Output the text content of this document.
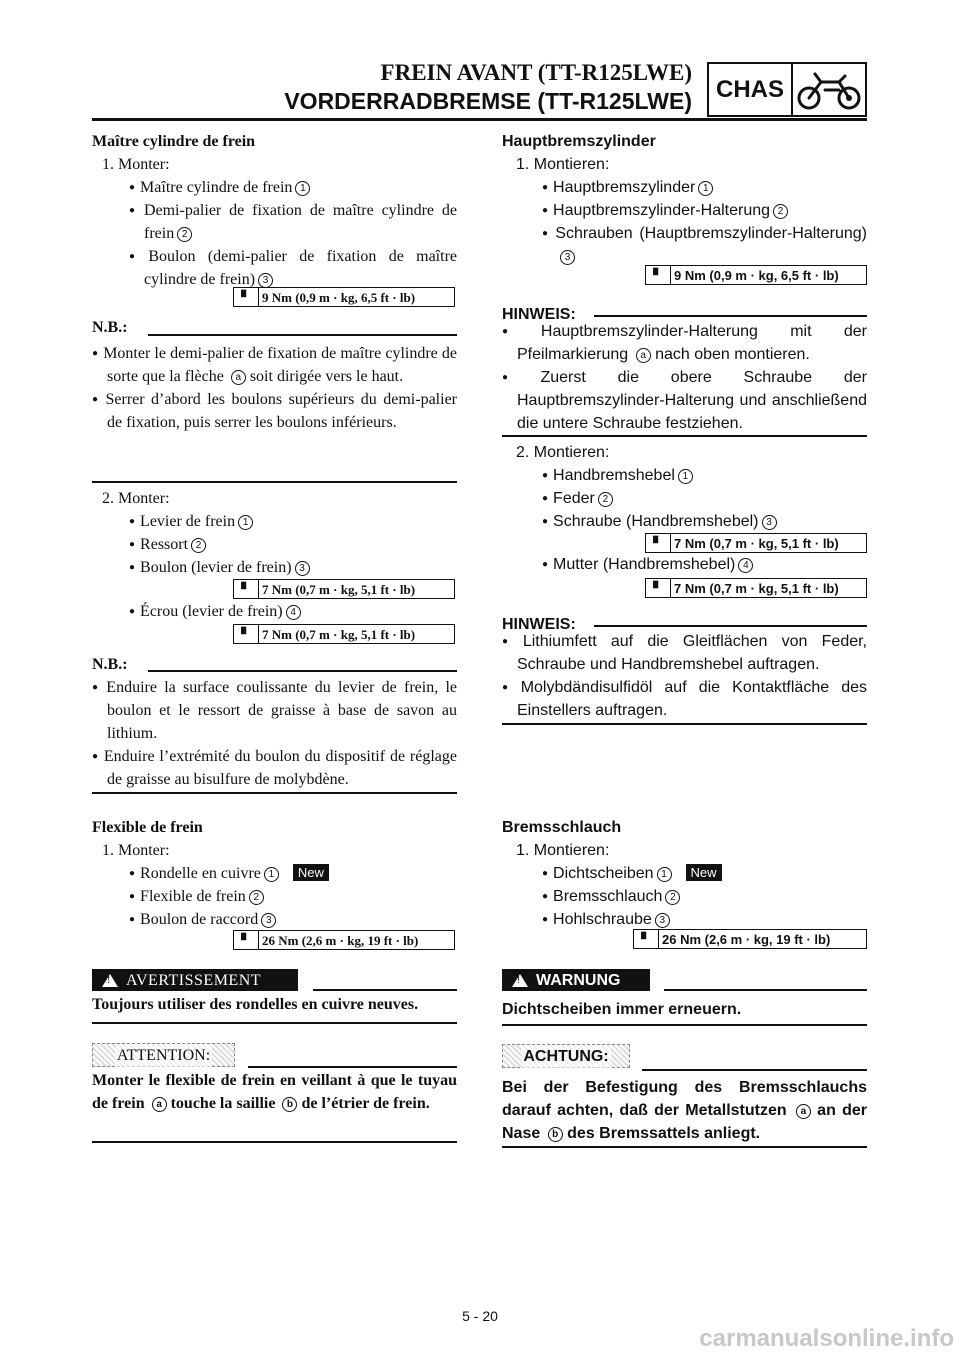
FREIN AVANT (TT-R125LWE)
VORDERRADBREMSE (TT-R125LWE) CHAS
Maître cylindre de frein
1. Monter:
● Maître cylindre de frein 1
● Demi-palier de fixation de maître cylindre de frein 2
● Boulon (demi-palier de fixation de maître cylindre de frein) 3
▘ 9 Nm (0,9 m · kg, 6,5 ft · lb)
N.B.:
● Monter le demi-palier de fixation de maître cylindre de sorte que la flèche a soit dirigée vers le haut.
● Serrer d’abord les boulons supérieurs du demi-palier de fixation, puis serrer les boulons inférieurs.
2. Monter:
● Levier de frein 1
● Ressort 2
● Boulon (levier de frein) 3
▘ 7 Nm (0,7 m · kg, 5,1 ft · lb)
● Écrou (levier de frein) 4
▘ 7 Nm (0,7 m · kg, 5,1 ft · lb)
N.B.:
● Enduire la surface coulissante du levier de frein, le boulon et le ressort de graisse à base de savon au lithium.
● Enduire l’extrémité du boulon du dispositif de réglage de graisse au bisulfure de molybdène.
Flexible de frein
1. Monter:
● Rondelle en cuivre 1 New
● Flexible de frein 2
● Boulon de raccord 3
▘ 26 Nm (2,6 m · kg, 19 ft · lb)
! AVERTISSEMENT
Toujours utiliser des rondelles en cuivre neuves.
ATTENTION:
Monter le flexible de frein en veillant à que le tuyau de frein a touche la saillie b de l’étrier de frein.
Hauptbremszylinder
1. Montieren:
● Hauptbremszylinder 1
● Hauptbremszylinder-Halterung 2
● Schrauben (Hauptbremszylinder-Halterung)3
▘ 9 Nm (0,9 m · kg, 6,5 ft · lb)
HINWEIS:
● Hauptbremszylinder-Halterung mit der Pfeilmarkierung a nach oben montieren.
● Zuerst die obere Schraube der Hauptbremszylinder-Halterung und anschließend die untere Schraube festziehen.
2. Montieren:
● Handbremshebel 1
● Feder 2
● Schraube (Handbremshebel) 3
▘ 7 Nm (0,7 m · kg, 5,1 ft · lb)
● Mutter (Handbremshebel) 4
▘ 7 Nm (0,7 m · kg, 5,1 ft · lb)
HINWEIS:
● Lithiumfett auf die Gleitflächen von Feder, Schraube und Handbremshebel auftragen.
● Molybdändisulfidöl auf die Kontaktfläche des Einstellers auftragen.
Bremsschlauch
1. Montieren:
● Dichtscheiben 1 New
● Bremsschlauch 2
● Hohlschraube 3
▘ 26 Nm (2,6 m · kg, 19 ft · lb)
!	WARNUNG
Dichtscheiben immer erneuern.
ACHTUNG:
Bei der Befestigung des Bremsschlauchs darauf achten, daß der Metallstutzen a an der Nase b des Bremssattels anliegt.
5 - 20
carmanualsonline.info
